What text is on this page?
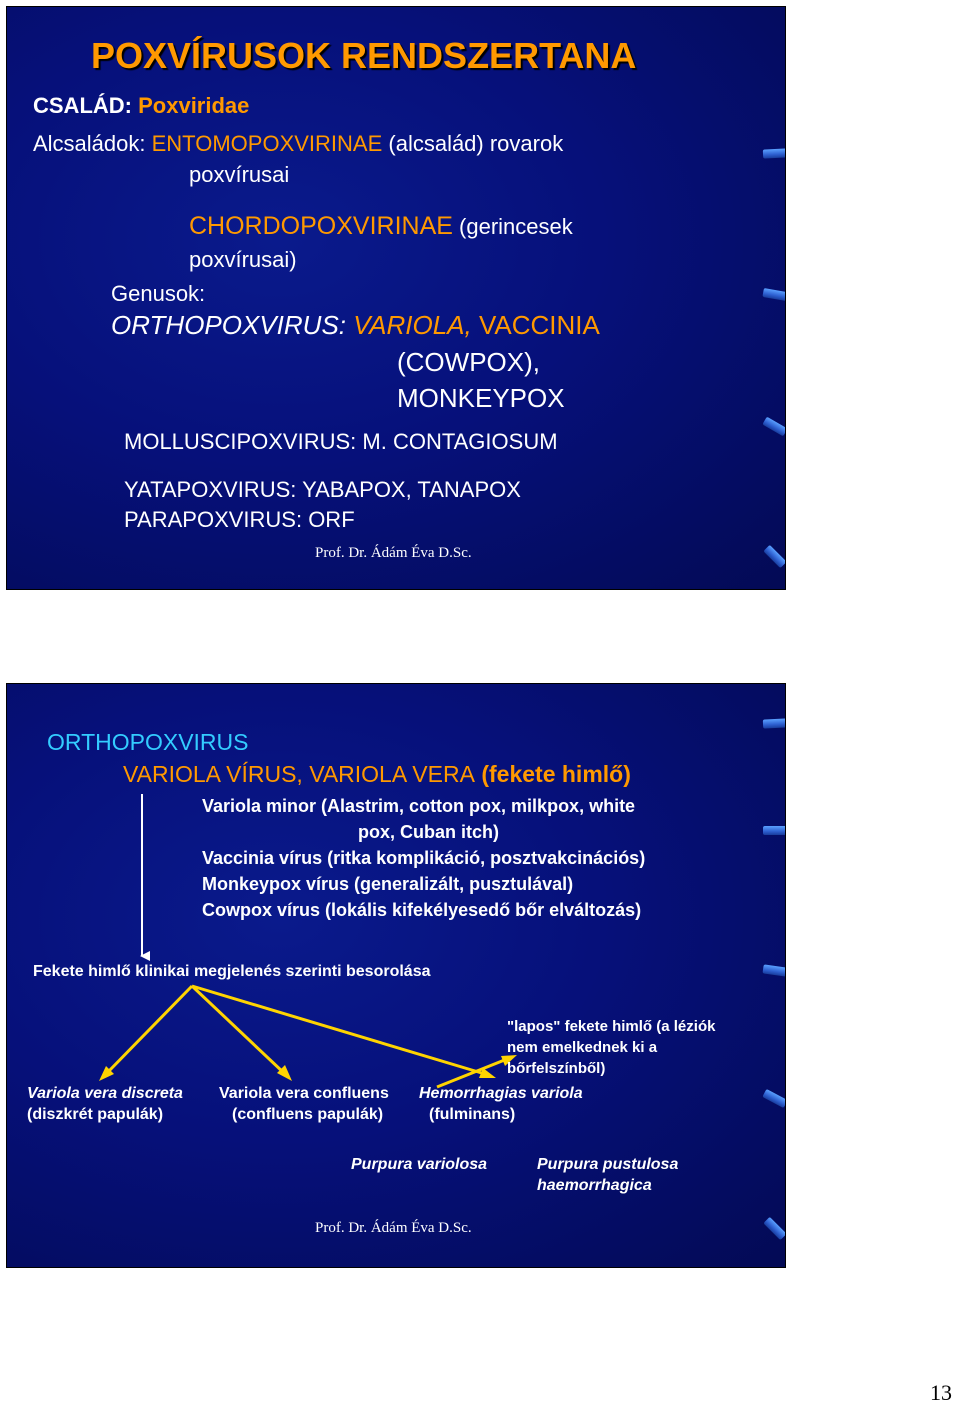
POXVÍRUSOK RENDSZERTANA
CSALÁD: Poxviridae
Alcsaládok: ENTOMOPOXVIRINAE (alcsalád) rovarok
poxvírusai
CHORDOPOXVIRINAE (gerincesek
poxvírusai)
Genusok:
ORTHOPOXVIRUS: VARIOLA, VACCINIA
(COWPOX),
MONKEYPOX
MOLLUSCIPOXVIRUS: M. CONTAGIOSUM
YATAPOXVIRUS: YABAPOX, TANAPOX
PARAPOXVIRUS: ORF
Prof. Dr. Ádám Éva D.Sc.
ORTHOPOXVIRUS
VARIOLA VÍRUS, VARIOLA VERA (fekete himlő)
Variola minor (Alastrim, cotton pox, milkpox, white
pox, Cuban itch)
Vaccinia vírus (ritka komplikáció, posztvakcinációs)
Monkeypox vírus (generalizált, pusztulával)
Cowpox vírus (lokális kifekélyesedő bőr elváltozás)
Fekete himlő klinikai megjelenés szerinti besorolása
Variola vera discreta
(diszkrét papulák)
Variola vera confluens
(confluens papulák)
Hemorrhagias variola
(fulminans)
"lapos" fekete himlő (a léziók
nem emelkednek ki a
bőrfelszínből)
Purpura variolosa	Purpura pustulosa
haemorrhagica
Prof. Dr. Ádám Éva D.Sc.
13
